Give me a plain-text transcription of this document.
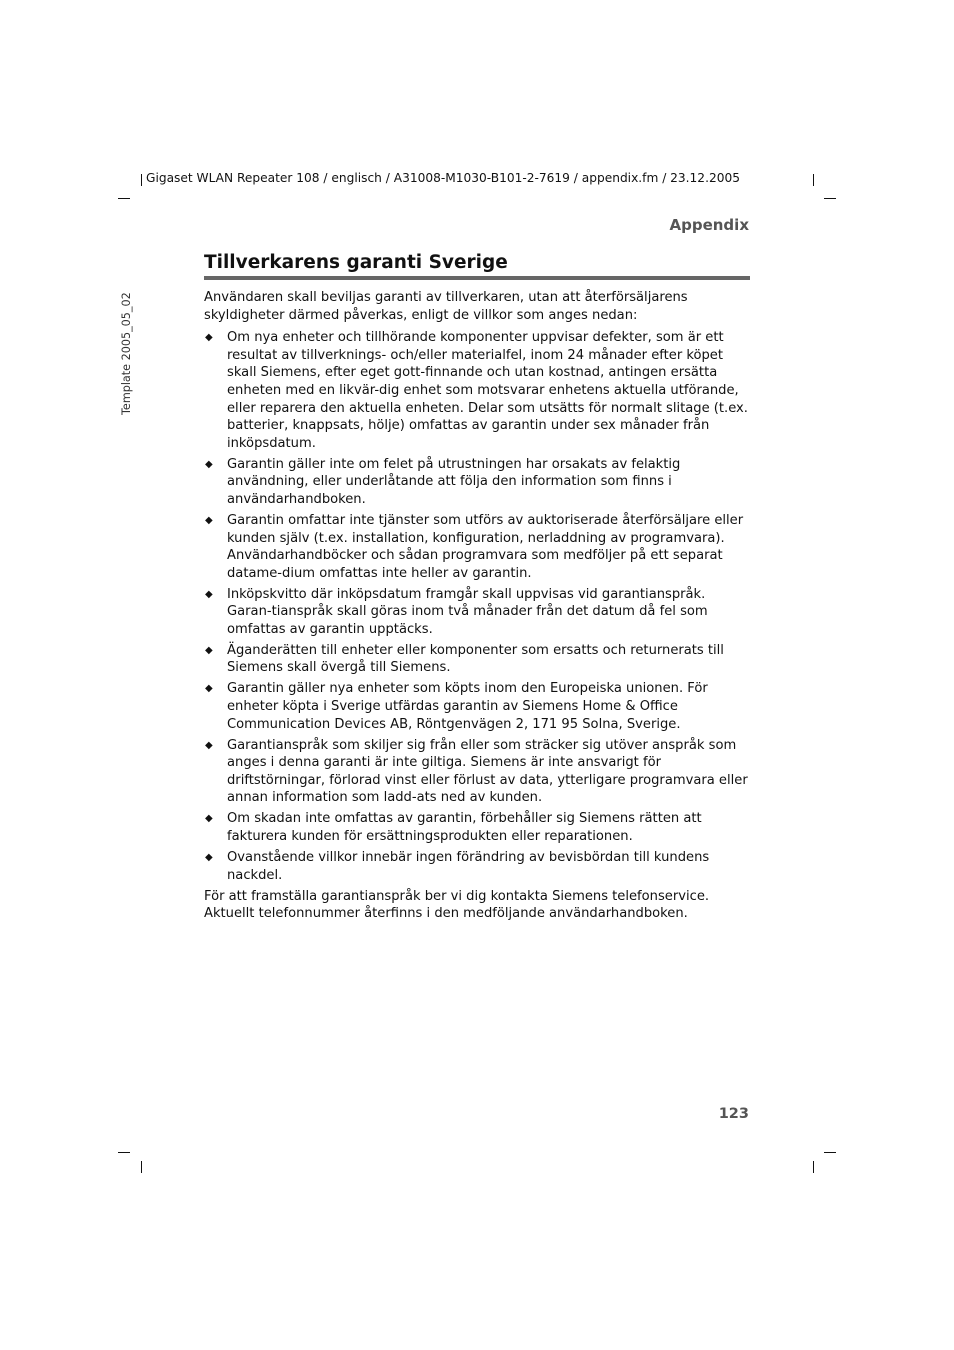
Gigaset WLAN Repeater 108 / englisch / A31008-M1030-B101-2-7619 / appendix.fm / 23.12.2005
Template 2005_05_02
Appendix
Tillverkarens garanti Sverige

Användaren skall beviljas garanti av tillverkaren, utan att återförsäljarens skyldigheter därmed påverkas, enligt de villkor som anges nedan:

◆ Om nya enheter och tillhörande komponenter uppvisar defekter, som är ett resultat av tillverknings- och/eller materialfel, inom 24 månader efter köpet skall Siemens, efter eget gott-finnande och utan kostnad, antingen ersätta enheten med en likvär-dig enhet som motsvarar enhetens aktuella utförande, eller reparera den aktuella enheten. Delar som utsätts för normalt slitage (t.ex. batterier, knappsats, hölje) omfattas av garantin under sex månader från inköpsdatum.
◆ Garantin gäller inte om felet på utrustningen har orsakats av felaktig användning, eller underlåtande att följa den information som finns i användarhandboken.
◆ Garantin omfattar inte tjänster som utförs av auktoriserade återförsäljare eller kunden själv (t.ex. installation, konfiguration, nerladdning av programvara). Användarhandböcker och sådan programvara som medföljer på ett separat datame-dium omfattas inte heller av garantin.
◆ Inköpskvitto där inköpsdatum framgår skall uppvisas vid garantianspråk. Garan-tianspråk skall göras inom två månader från det datum då fel som omfattas av garantin upptäcks.
◆ Äganderätten till enheter eller komponenter som ersatts och returnerats till Siemens skall övergå till Siemens.
◆ Garantin gäller nya enheter som köpts inom den Europeiska unionen. För enheter köpta i Sverige utfärdas garantin av Siemens Home & Office Communication Devices AB, Röntgenvägen 2, 171 95 Solna, Sverige.
◆ Garantianspråk som skiljer sig från eller som sträcker sig utöver anspråk som anges i denna garanti är inte giltiga. Siemens är inte ansvarigt för driftstörningar, förlorad vinst eller förlust av data, ytterligare programvara eller annan information som ladd-ats ned av kunden.
◆ Om skadan inte omfattas av garantin, förbehåller sig Siemens rätten att fakturera kunden för ersättningsprodukten eller reparationen.
◆ Ovanstående villkor innebär ingen förändring av bevisbördan till kundens nackdel.

För att framställa garantianspråk ber vi dig kontakta Siemens telefonservice. Aktuellt telefonnummer återfinns i den medföljande användarhandboken.

123
